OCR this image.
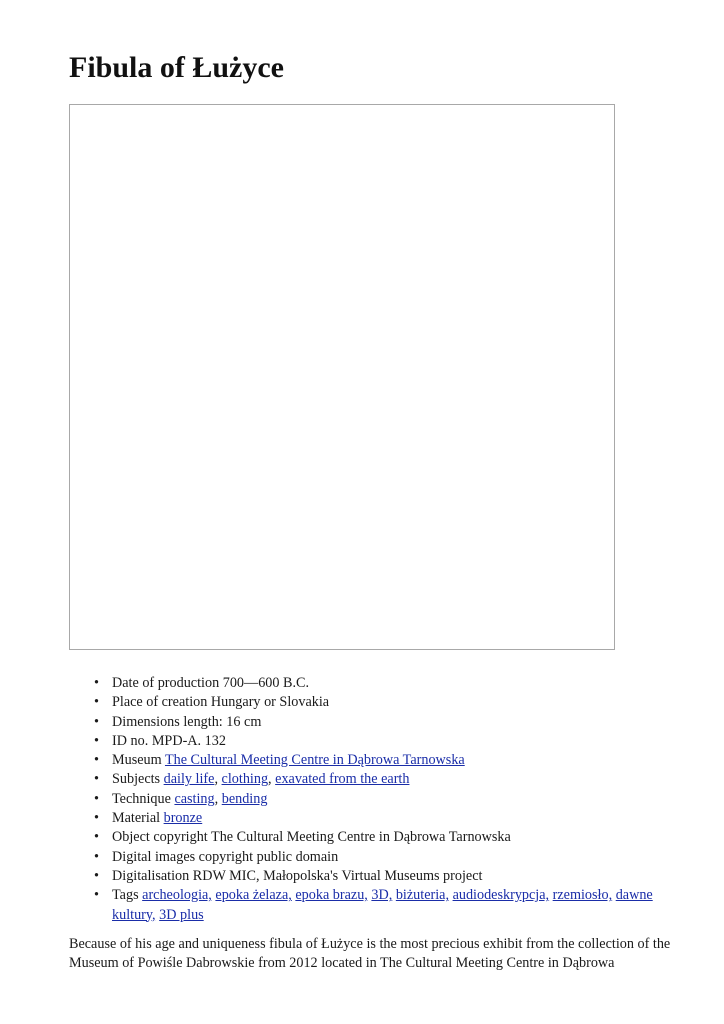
Fibula of Łużyce
• Date of production 700—600 B.C.
• Place of creation Hungary or Slovakia
• Dimensions length: 16 cm
• ID no. MPD-A. 132
• Museum The Cultural Meeting Centre in Dąbrowa Tarnowska
• Subjects daily life, clothing, exavated from the earth
• Technique casting, bending
• Material bronze
• Object copyright The Cultural Meeting Centre in Dąbrowa Tarnowska
• Digital images copyright public domain
• Digitalisation RDW MIC, Małopolska's Virtual Museums project
• Tags archeologia, epoka żelaza, epoka brazu, 3D, biżuteria, audiodeskrypcja, rzemiosło, dawne kultury, 3D plus

Because of his age and uniqueness fibula of Łużyce is the most precious exhibit from the collection of the Museum of Powiśle Dabrowskie from 2012 located in The Cultural Meeting Centre in Dąbrowa
